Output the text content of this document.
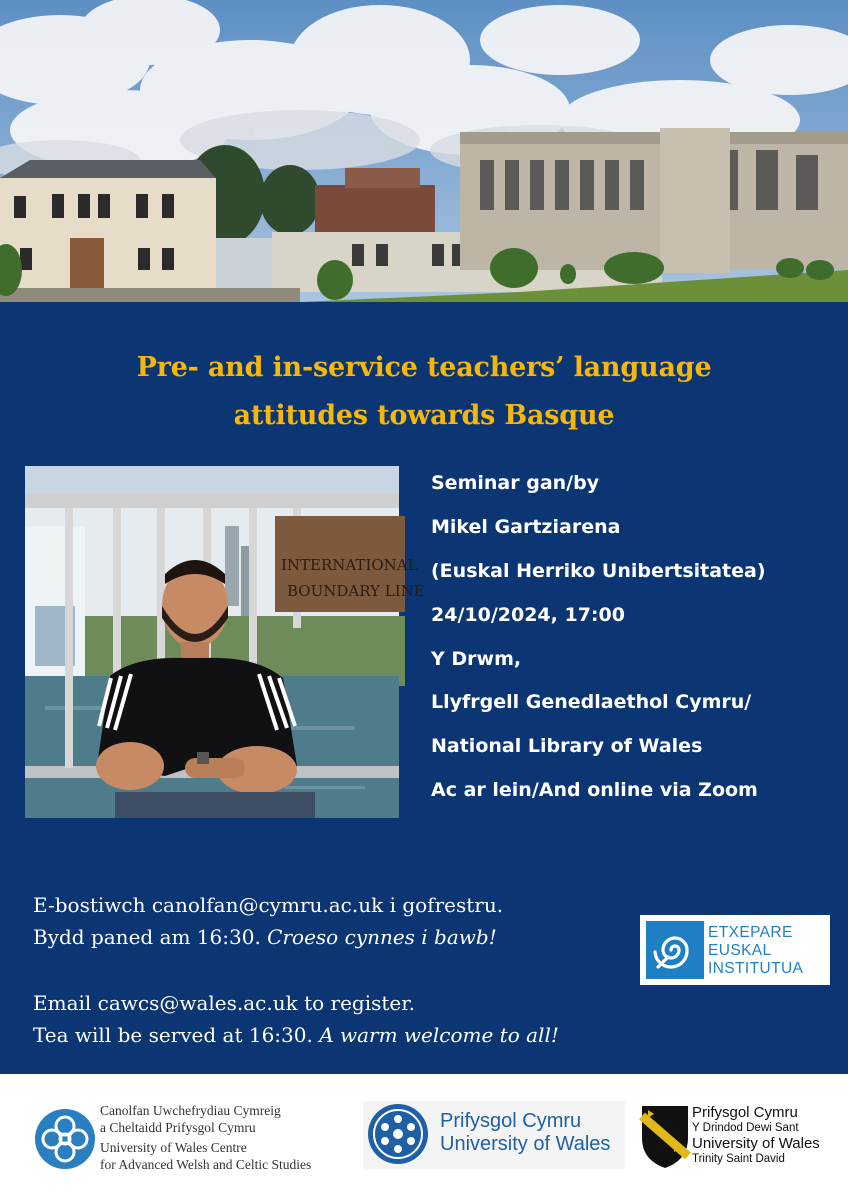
Pre- and in-service teachers’ language
attitudes towards Basque
INTERNATIONAL
BOUNDARY LINE

Seminar gan/by

Mikel Gartziarena

(Euskal Herriko Unibertsitatea)

24/10/2024, 17:00

Y Drwm,

Llyfrgell Genedlaethol Cymru/

National Library of Wales

Ac ar lein/And online via Zoom

E-bostiwch canolfan@cymru.ac.uk i gofrestru.

Bydd paned am 16:30. Croeso cynnes i bawb!	ETXEPARE

EUSKAL

INSTITUTUA

Email cawcs@wales.ac.uk to register.

Tea will be served at 16:30. A warm welcome to all!

Canolfan Uwchefrydiau Cymreig

a Cheltaidd Prifysgol Cymru

University of Wales Centre

for Advanced Welsh and Celtic Studies

Prifysgol Cymru

University of Wales

Prifysgol Cymru

Y Drindod Dewi Sant

University of Wales

Trinity Saint David
